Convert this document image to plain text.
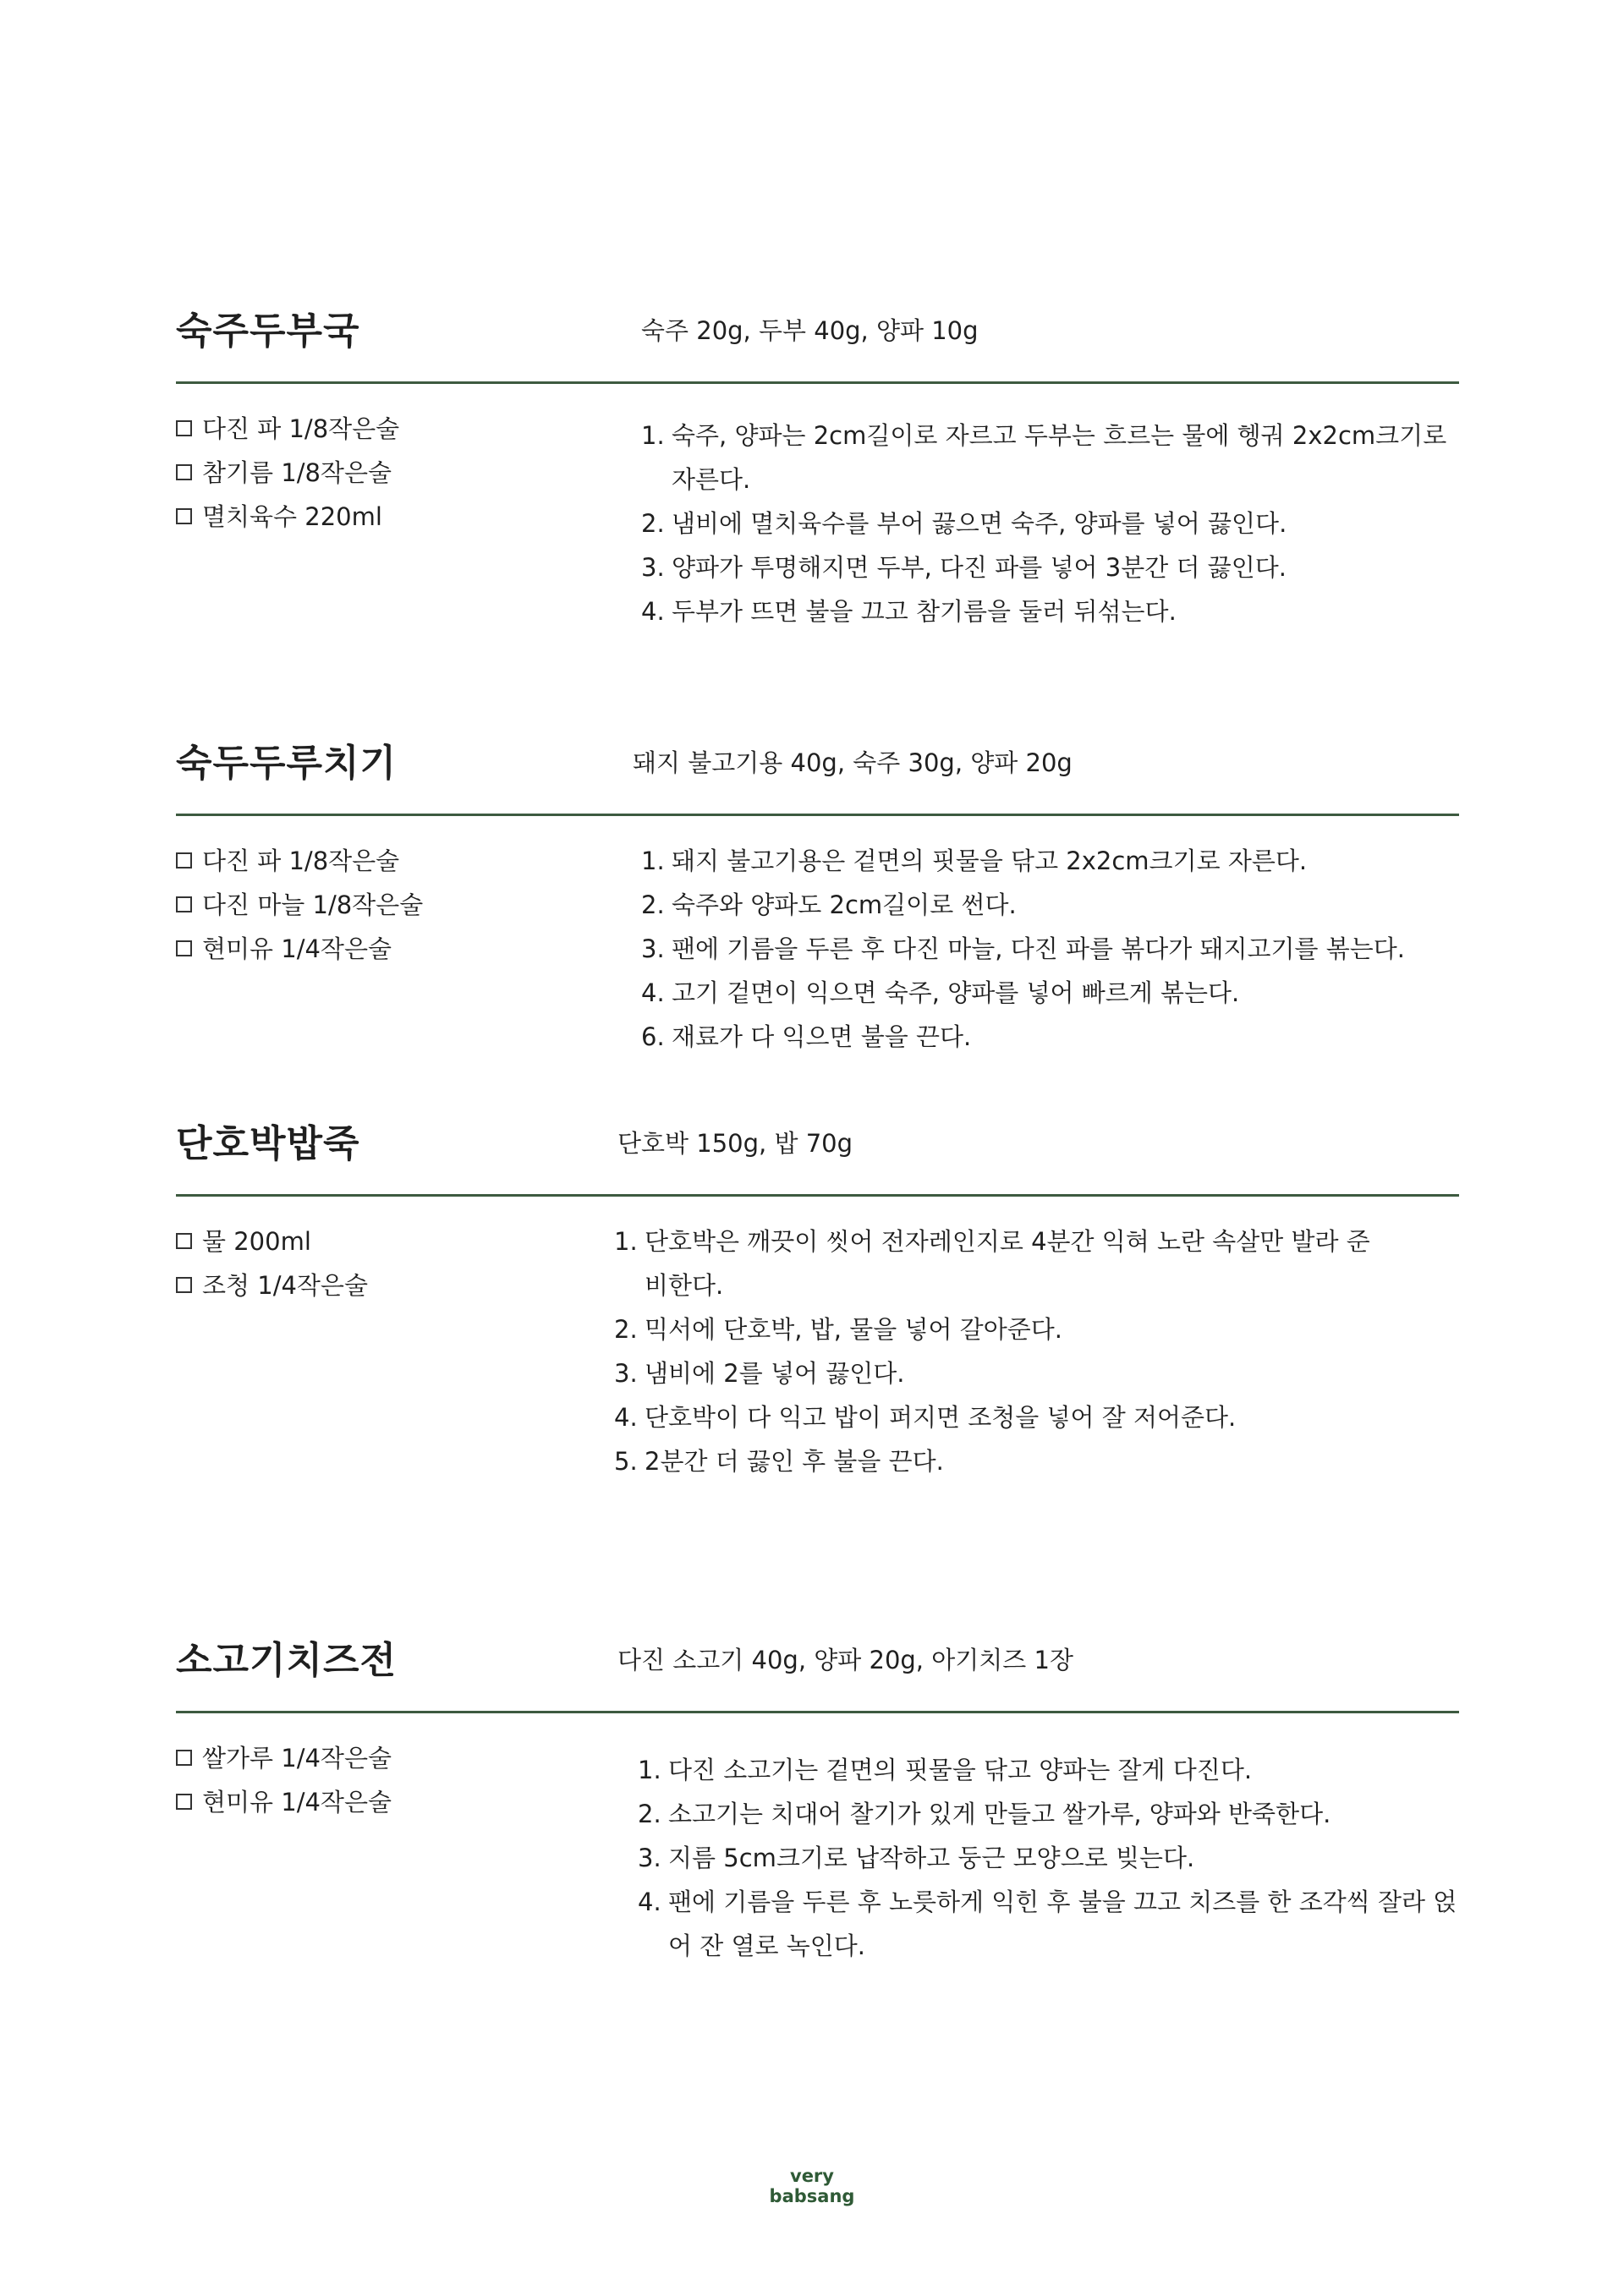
숙주두부국	숙주 20g, 두부 40g, 양파 10g
다진 파 1/8작은술
참기름 1/8작은술
멸치육수 220ml
1. 숙주, 양파는 2cm길이로 자르고 두부는 흐르는 물에 헹궈 2x2cm크기로 자른다.
2. 냄비에 멸치육수를 부어 끓으면 숙주, 양파를 넣어 끓인다.
3. 양파가 투명해지면 두부, 다진 파를 넣어 3분간 더 끓인다.
4. 두부가 뜨면 불을 끄고 참기름을 둘러 뒤섞는다.
숙두두루치기	돼지 불고기용 40g, 숙주 30g, 양파 20g
다진 파 1/8작은술
다진 마늘 1/8작은술
현미유 1/4작은술
1. 돼지 불고기용은 겉면의 핏물을 닦고 2x2cm크기로 자른다.
2. 숙주와 양파도 2cm길이로 썬다.
3. 팬에 기름을 두른 후 다진 마늘, 다진 파를 볶다가 돼지고기를 볶는다.
4. 고기 겉면이 익으면 숙주, 양파를 넣어 빠르게 볶는다.
6. 재료가 다 익으면 불을 끈다.
단호박밥죽	단호박 150g, 밥 70g
물 200ml
조청 1/4작은술
1. 단호박은 깨끗이 씻어 전자레인지로 4분간 익혀 노란 속살만 발라 준비한다.
2. 믹서에 단호박, 밥, 물을 넣어 갈아준다.
3. 냄비에 2를 넣어 끓인다.
4. 단호박이 다 익고 밥이 퍼지면 조청을 넣어 잘 저어준다.
5. 2분간 더 끓인 후 불을 끈다.
소고기치즈전	다진 소고기 40g, 양파 20g, 아기치즈 1장
쌀가루 1/4작은술
현미유 1/4작은술
1. 다진 소고기는 겉면의 핏물을 닦고 양파는 잘게 다진다.
2. 소고기는 치대어 찰기가 있게 만들고 쌀가루, 양파와 반죽한다.
3. 지름 5cm크기로 납작하고 둥근 모양으로 빚는다.
4. 팬에 기름을 두른 후 노릇하게 익힌 후 불을 끄고 치즈를 한 조각씩 잘라 얹어 잔 열로 녹인다.
very
babsang
